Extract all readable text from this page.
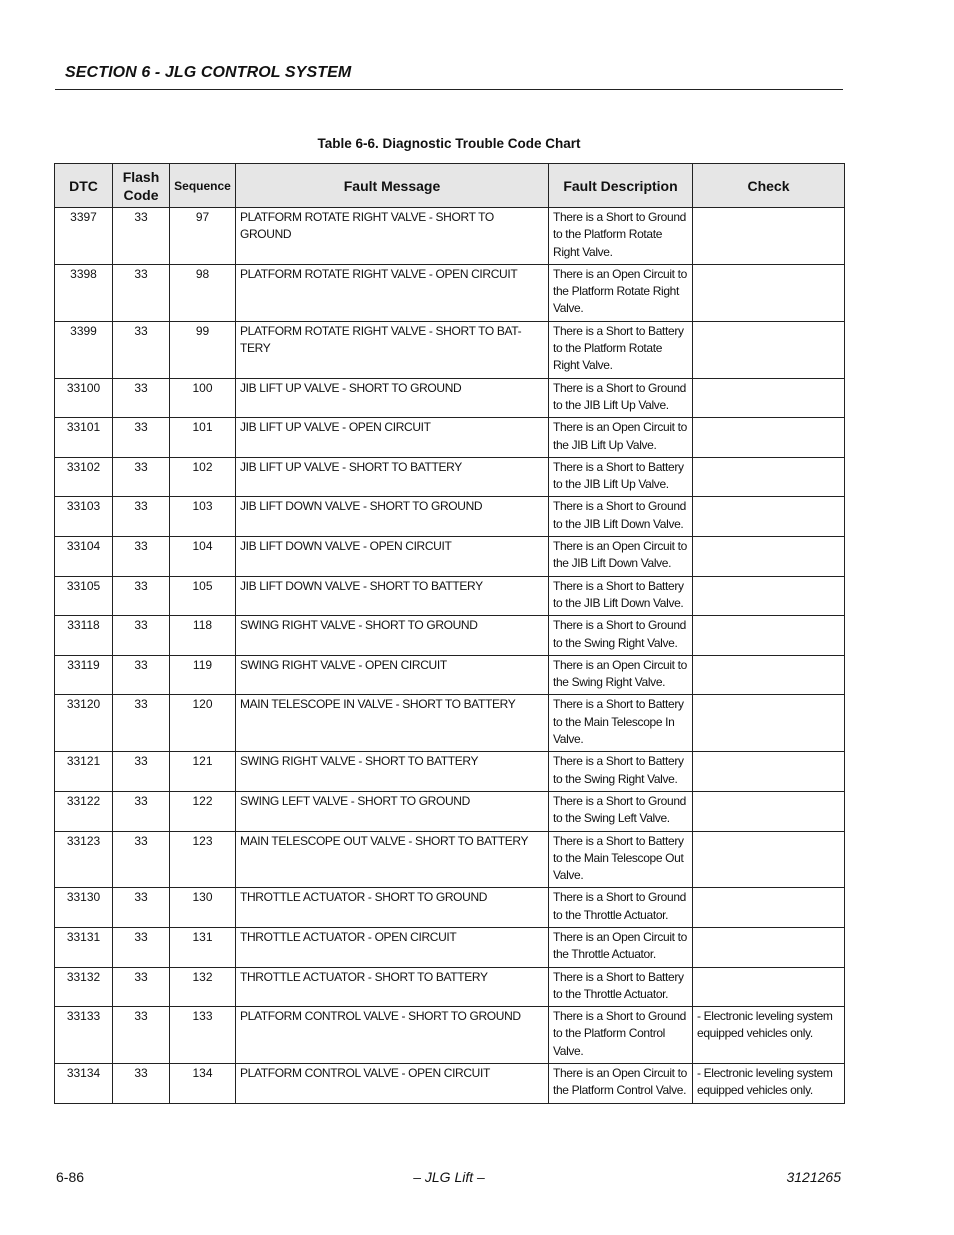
SECTION 6 - JLG CONTROL SYSTEM
Table 6-6. Diagnostic Trouble Code Chart
DTC	Flash Code	Sequence	Fault Message	Fault Description	Check
3397	33	97	PLATFORM ROTATE RIGHT VALVE - SHORT TO GROUND	There is a Short to Ground to the Platform Rotate Right Valve.	
3398	33	98	PLATFORM ROTATE RIGHT VALVE - OPEN CIRCUIT	There is an Open Circuit to the Platform Rotate Right Valve.	
3399	33	99	PLATFORM ROTATE RIGHT VALVE - SHORT TO BAT-TERY	There is a Short to Battery to the Platform Rotate Right Valve.	
33100	33	100	JIB LIFT UP VALVE - SHORT TO GROUND	There is a Short to Ground to the JIB Lift Up Valve.	
33101	33	101	JIB LIFT UP VALVE - OPEN CIRCUIT	There is an Open Circuit to the JIB Lift Up Valve.	
33102	33	102	JIB LIFT UP VALVE - SHORT TO BATTERY	There is a Short to Battery to the JIB Lift Up Valve.	
33103	33	103	JIB LIFT DOWN VALVE - SHORT TO GROUND	There is a Short to Ground to the JIB Lift Down Valve.	
33104	33	104	JIB LIFT DOWN VALVE - OPEN CIRCUIT	There is an Open Circuit to the JIB Lift Down Valve.	
33105	33	105	JIB LIFT DOWN VALVE - SHORT TO BATTERY	There is a Short to Battery to the JIB Lift Down Valve.	
33118	33	118	SWING RIGHT VALVE - SHORT TO GROUND	There is a Short to Ground to the Swing Right Valve.	
33119	33	119	SWING RIGHT VALVE - OPEN CIRCUIT	There is an Open Circuit to the Swing Right Valve.	
33120	33	120	MAIN TELESCOPE IN VALVE - SHORT TO BATTERY	There is a Short to Battery to the Main Telescope In Valve.	
33121	33	121	SWING RIGHT VALVE - SHORT TO BATTERY	There is a Short to Battery to the Swing Right Valve.	
33122	33	122	SWING LEFT VALVE - SHORT TO GROUND	There is a Short to Ground to the Swing Left Valve.	
33123	33	123	MAIN TELESCOPE OUT VALVE - SHORT TO BATTERY	There is a Short to Battery to the Main Telescope Out Valve.	
33130	33	130	THROTTLE ACTUATOR - SHORT TO GROUND	There is a Short to Ground to the Throttle Actuator.	
33131	33	131	THROTTLE ACTUATOR - OPEN CIRCUIT	There is an Open Circuit to the Throttle Actuator.	
33132	33	132	THROTTLE ACTUATOR - SHORT TO BATTERY	There is a Short to Battery to the Throttle Actuator.	
33133	33	133	PLATFORM CONTROL VALVE - SHORT TO GROUND	There is a Short to Ground to the Platform Control Valve.	- Electronic leveling system equipped vehicles only.
33134	33	134	PLATFORM CONTROL VALVE - OPEN CIRCUIT	There is an Open Circuit to the Platform Control Valve.	- Electronic leveling system equipped vehicles only.
6-86	– JLG Lift –	3121265
